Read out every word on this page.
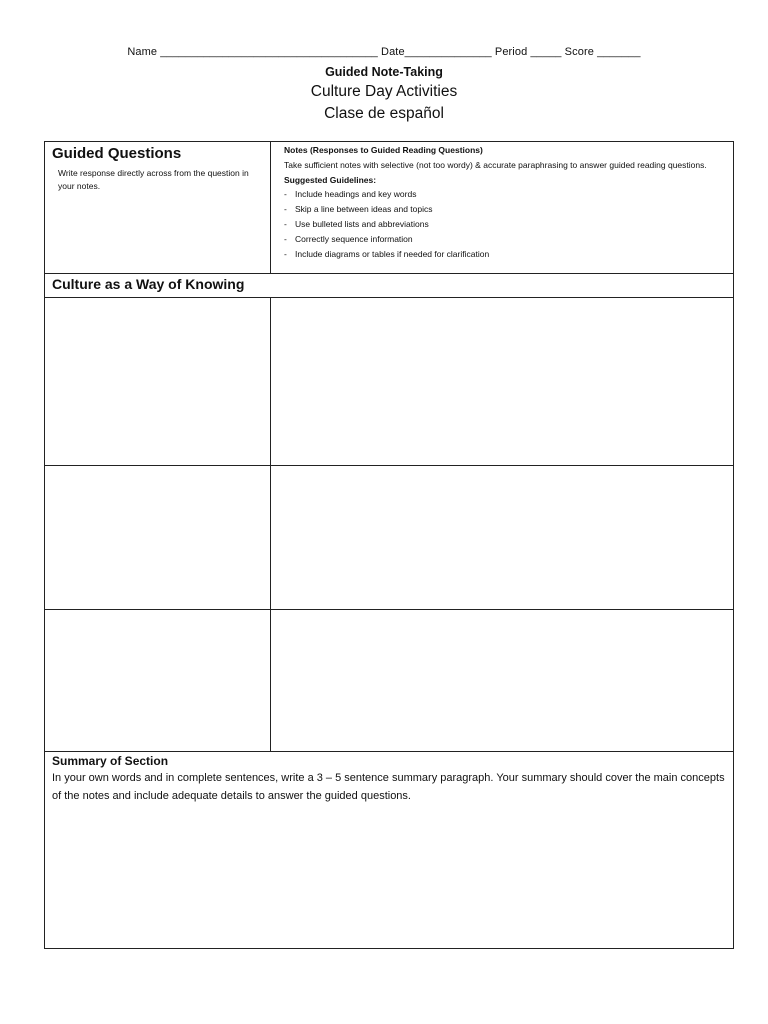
Name ___________________________________ Date______________ Period _____ Score _______
Guided Note-Taking
Culture Day Activities
Clase de español
Guided Questions
Write response directly across from the question in your notes.
Notes (Responses to Guided Reading Questions)
Take sufficient notes with selective (not too wordy) & accurate paraphrasing to answer guided reading questions.
Suggested Guidelines:
- Include headings and key words
- Skip a line between ideas and topics
- Use bulleted lists and abbreviations
- Correctly sequence information
- Include diagrams or tables if needed for clarification
Culture as a Way of Knowing
Summary of Section
In your own words and in complete sentences, write a 3 – 5 sentence summary paragraph. Your summary should cover the main concepts of the notes and include adequate details to answer the guided questions.
